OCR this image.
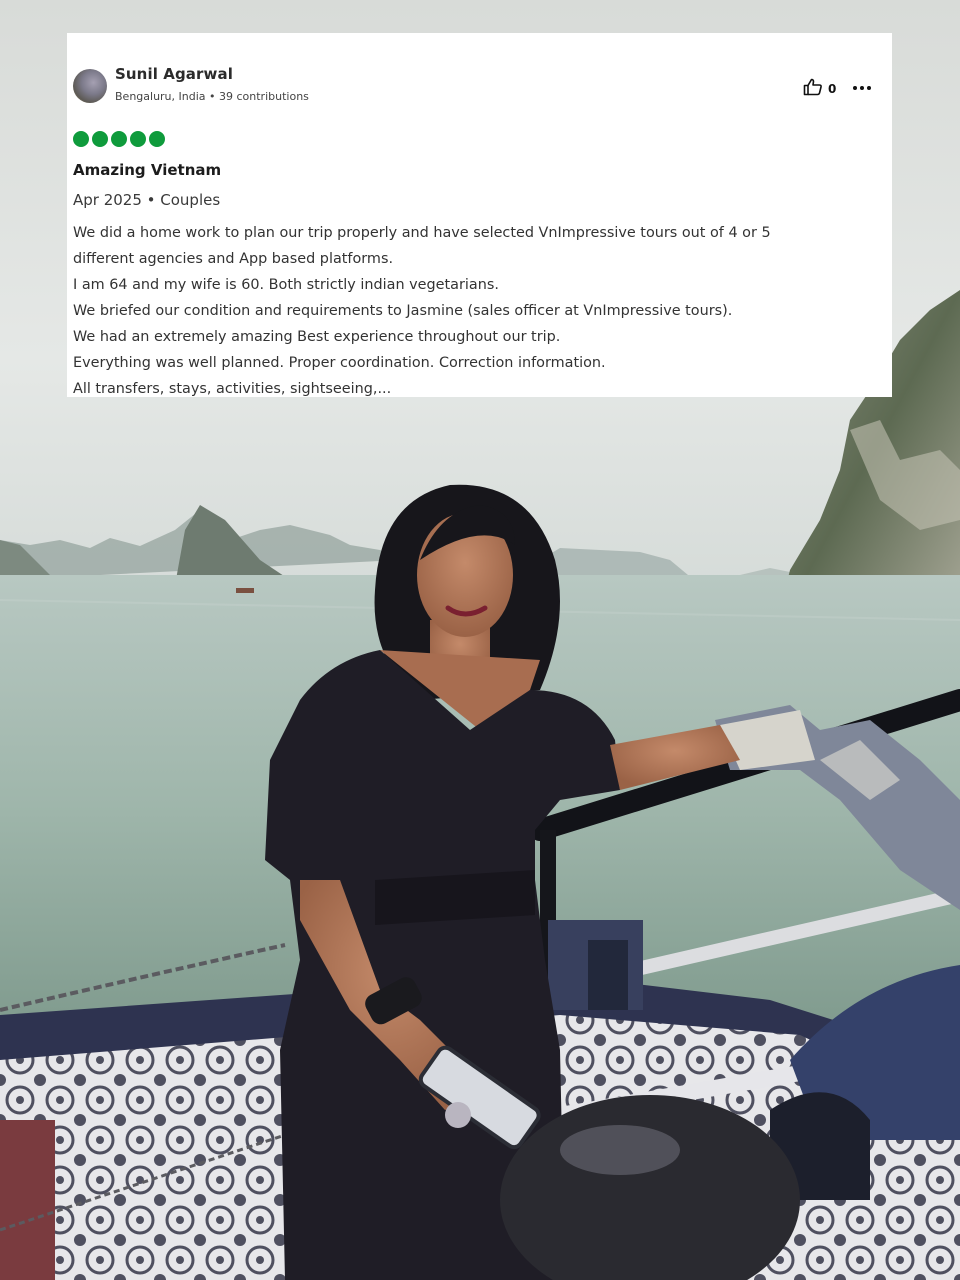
Sunil Agarwal
Bengaluru, India • 39 contributions
0
Amazing Vietnam
Apr 2025 • Couples
We did a home work to plan our trip properly and have selected VnImpressive tours out of 4 or 5
different agencies and App based platforms.
I am 64 and my wife is 60. Both strictly indian vegetarians.
We briefed our condition and requirements to Jasmine (sales officer at VnImpressive tours).
We had an extremely amazing Best experience throughout our trip.
Everything was well planned. Proper coordination. Correction information.
All transfers, stays, activities, sightseeing,...
